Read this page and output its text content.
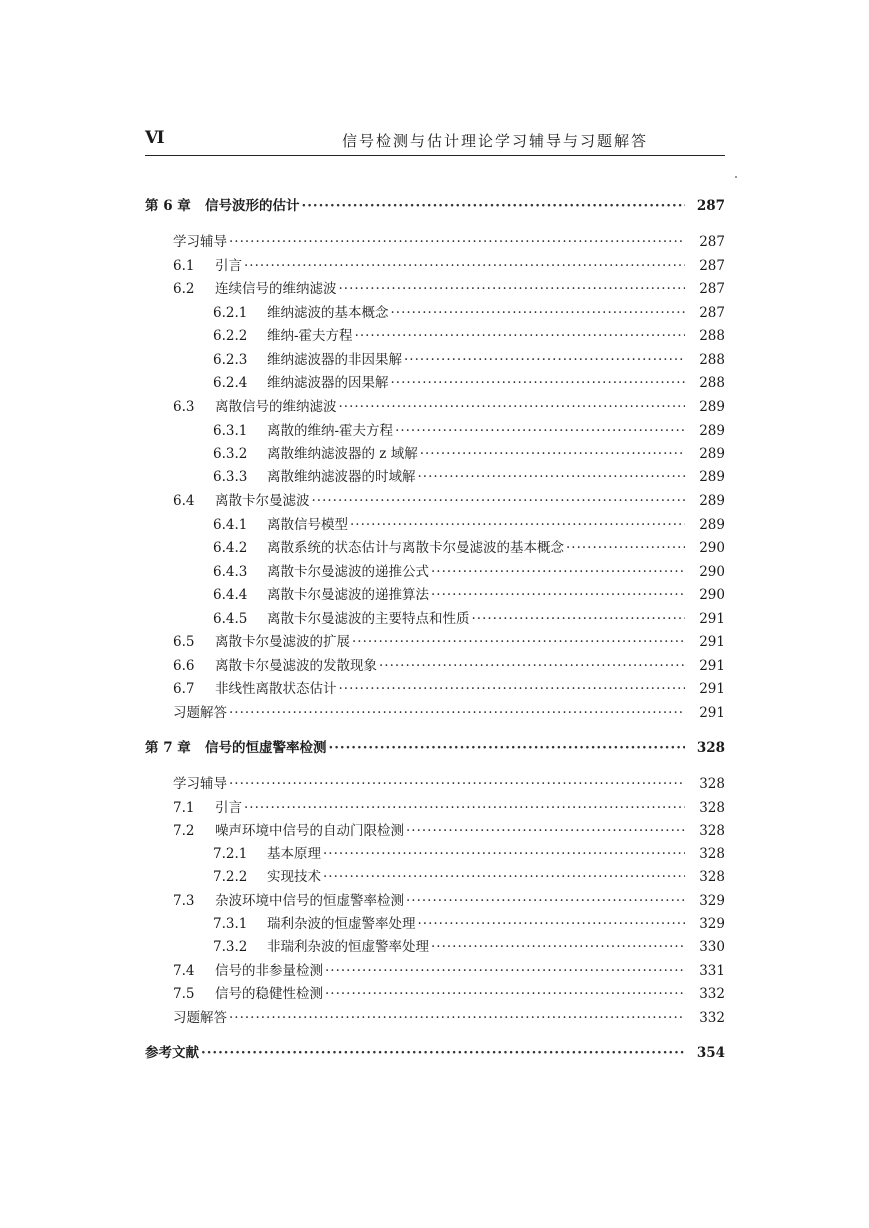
Ⅵ	信号检测与估计理论学习辅导与习题解答
第 6 章	信号波形的估计 ·····	287
学习辅导 ·····	287
6.1	引言 ·····	287
6.2	连续信号的维纳滤波 ·····	287
6.2.1	维纳滤波的基本概念 ·····	287
6.2.2	维纳-霍夫方程 ·····	288
6.2.3	维纳滤波器的非因果解 ·····	288
6.2.4	维纳滤波器的因果解 ·····	288
6.3	离散信号的维纳滤波 ·····	289
6.3.1	离散的维纳-霍夫方程 ·····	289
6.3.2	离散维纳滤波器的 z 域解 ·····	289
6.3.3	离散维纳滤波器的时域解 ·····	289
6.4	离散卡尔曼滤波 ·····	289
6.4.1	离散信号模型 ·····	289
6.4.2	离散系统的状态估计与离散卡尔曼滤波的基本概念 ·····	290
6.4.3	离散卡尔曼滤波的递推公式 ·····	290
6.4.4	离散卡尔曼滤波的递推算法 ·····	290
6.4.5	离散卡尔曼滤波的主要特点和性质 ·····	291
6.5	离散卡尔曼滤波的扩展 ·····	291
6.6	离散卡尔曼滤波的发散现象 ·····	291
6.7	非线性离散状态估计 ·····	291
习题解答 ·····	291
第 7 章	信号的恒虚警率检测 ·····	328
学习辅导 ·····	328
7.1	引言 ·····	328
7.2	噪声环境中信号的自动门限检测 ·····	328
7.2.1	基本原理 ·····	328
7.2.2	实现技术 ·····	328
7.3	杂波环境中信号的恒虚警率检测 ·····	329
7.3.1	瑞利杂波的恒虚警率处理 ·····	329
7.3.2	非瑞利杂波的恒虚警率处理 ·····	330
7.4	信号的非参量检测 ·····	331
7.5	信号的稳健性检测 ·····	332
习题解答 ·····	332
参考文献 ·····	354
